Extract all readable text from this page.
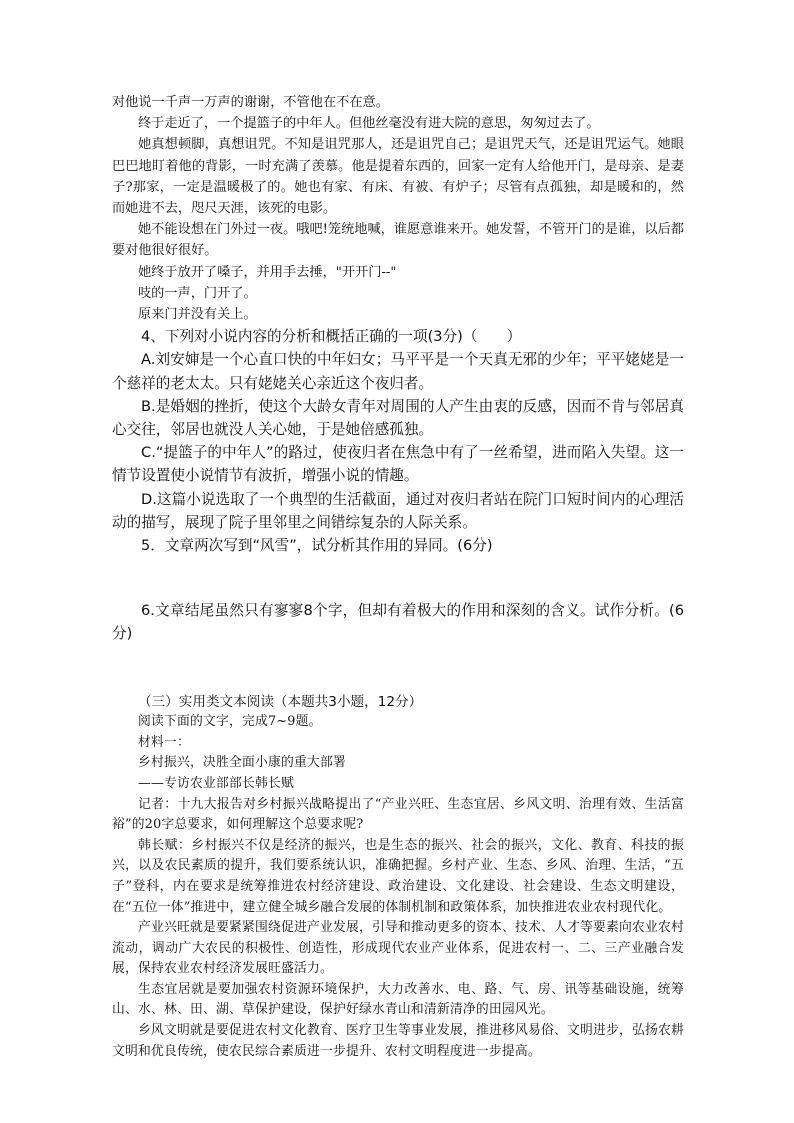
对他说一千声一万声的谢谢，不管他在不在意。

终于走近了，一个提篮子的中年人。但他丝毫没有进大院的意思，匆匆过去了。

她真想顿脚，真想诅咒。不知是诅咒那人，还是诅咒自己；是诅咒天气，还是诅咒运气。她眼巴巴地盯着他的背影，一时充满了羡慕。他是提着东西的，回家一定有人给他开门，是母亲、是妻子?那家，一定是温暖极了的。她也有家、有床、有被、有炉子；尽管有点孤独，却是暖和的，然而她进不去，咫尺天涯，该死的电影。

她不能设想在门外过一夜。哦吧!笼统地喊，谁愿意谁来开。她发誓，不管开门的是谁，以后都要对他很好很好。

她终于放开了嗓子，并用手去捶，"开开门--"

吱的一声，门开了。

原来门并没有关上。

4、下列对小说内容的分析和概括正确的一项(3分)（　　）

A.刘安婶是一个心直口快的中年妇女；马平平是一个天真无邪的少年；平平姥姥是一个慈祥的老太太。只有姥姥关心亲近这个夜归者。

B.是婚姻的挫折，使这个大龄女青年对周围的人产生由衷的反感，因而不肯与邻居真心交往，邻居也就没人关心她，于是她倍感孤独。

C.“提篮子的中年人”的路过，使夜归者在焦急中有了一丝希望，进而陷入失望。这一情节设置使小说情节有波折，增强小说的情趣。

D.这篇小说选取了一个典型的生活截面，通过对夜归者站在院门口短时间内的心理活动的描写，展现了院子里邻里之间错综复杂的人际关系。

5．文章两次写到“风雪”，试分析其作用的异同。(6分)

6.文章结尾虽然只有寥寥8个字，但却有着极大的作用和深刻的含义。试作分析。(6分)

（三）实用类文本阅读（本题共3小题，12分）

阅读下面的文字，完成7~9题。

材料一：

乡村振兴，决胜全面小康的重大部署

——专访农业部部长韩长赋

记者：十九大报告对乡村振兴战略提出了“产业兴旺、生态宜居、乡风文明、治理有效、生活富裕”的20字总要求，如何理解这个总要求呢?

韩长赋：乡村振兴不仅是经济的振兴，也是生态的振兴、社会的振兴，文化、教育、科技的振兴，以及农民素质的提升，我们要系统认识，准确把握。乡村产业、生态、乡风、治理、生活，“五子”登科，内在要求是统筹推进农村经济建设、政治建设、文化建设、社会建设、生态文明建设，在“五位一体”推进中，建立健全城乡融合发展的体制机制和政策体系，加快推进农业农村现代化。

产业兴旺就是要紧紧围绕促进产业发展，引导和推动更多的资本、技术、人才等要素向农业农村流动，调动广大农民的积极性、创造性，形成现代农业产业体系，促进农村一、二、三产业融合发展，保持农业农村经济发展旺盛活力。

生态宜居就是要加强农村资源环境保护，大力改善水、电、路、气、房、讯等基础设施，统筹山、水、林、田、湖、草保护建设，保护好绿水青山和清新清净的田园风光。

乡风文明就是要促进农村文化教育、医疗卫生等事业发展，推进移风易俗、文明进步，弘扬农耕文明和优良传统，使农民综合素质进一步提升、农村文明程度进一步提高。
